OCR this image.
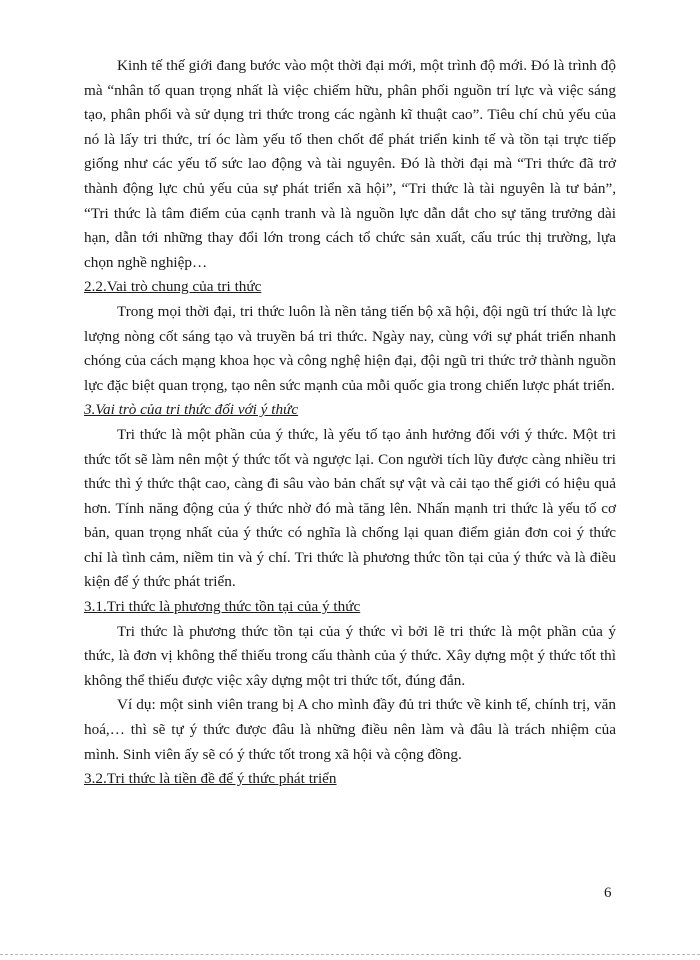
Kinh tế thế giới đang bước vào một thời đại mới, một trình độ mới. Đó là trình độ mà “nhân tố quan trọng nhất là việc chiếm hữu, phân phối nguồn trí lực và việc sáng tạo, phân phối và sử dụng tri thức trong các ngành kĩ thuật cao”. Tiêu chí chủ yếu của nó là lấy tri thức, trí óc làm yếu tố then chốt để phát triển kinh tế và tồn tại trực tiếp giống như các yếu tố sức lao động và tài nguyên. Đó là thời đại mà “Tri thức đã trở thành động lực chủ yếu của sự phát triển xã hội”, “Tri thức là tài nguyên là tư bản”, “Tri thức là tâm điểm của cạnh tranh và là nguồn lực dẫn dắt cho sự tăng trưởng dài hạn, dẫn tới những thay đổi lớn trong cách tổ chức sản xuất, cấu trúc thị trường, lựa chọn nghề nghiệp…

2.2.Vai trò chung của tri thức

Trong mọi thời đại, tri thức luôn là nền tảng tiến bộ xã hội, đội ngũ trí thức là lực lượng nòng cốt sáng tạo và truyền bá tri thức. Ngày nay, cùng với sự phát triển nhanh chóng của cách mạng khoa học và công nghệ hiện đại, đội ngũ tri thức trở thành nguồn lực đặc biệt quan trọng, tạo nên sức mạnh của mỗi quốc gia trong chiến lược phát triển.

3.Vai trò của tri thức đối với ý thức

Tri thức là một phần của ý thức, là yếu tố tạo ảnh hưởng đối với ý thức. Một tri thức tốt sẽ làm nên một ý thức tốt và ngược lại. Con người tích lũy được càng nhiều tri thức thì ý thức thật cao, càng đi sâu vào bản chất sự vật và cải tạo thế giới có hiệu quả hơn. Tính năng động của ý thức nhờ đó mà tăng lên. Nhấn mạnh tri thức là yếu tố cơ bản, quan trọng nhất của ý thức có nghĩa là chống lại quan điểm giản đơn coi ý thức chỉ là tình cảm, niềm tin và ý chí. Tri thức là phương thức tồn tại của ý thức và là điều kiện để ý thức phát triển.

3.1.Tri thức là phương thức tồn tại của ý thức

Tri thức là phương thức tồn tại của ý thức vì bởi lẽ tri thức là một phần của ý thức, là đơn vị không thể thiếu trong cấu thành của ý thức. Xây dựng một ý thức tốt thì không thể thiếu được việc xây dựng một tri thức tốt, đúng đắn.

Ví dụ: một sinh viên trang bị A cho mình đầy đủ tri thức về kinh tế, chính trị, văn hoá,… thì sẽ tự ý thức được đâu là những điều nên làm và đâu là trách nhiệm của mình. Sinh viên ấy sẽ có ý thức tốt trong xã hội và cộng đồng.

3.2.Tri thức là tiền đề để ý thức phát triển

6
